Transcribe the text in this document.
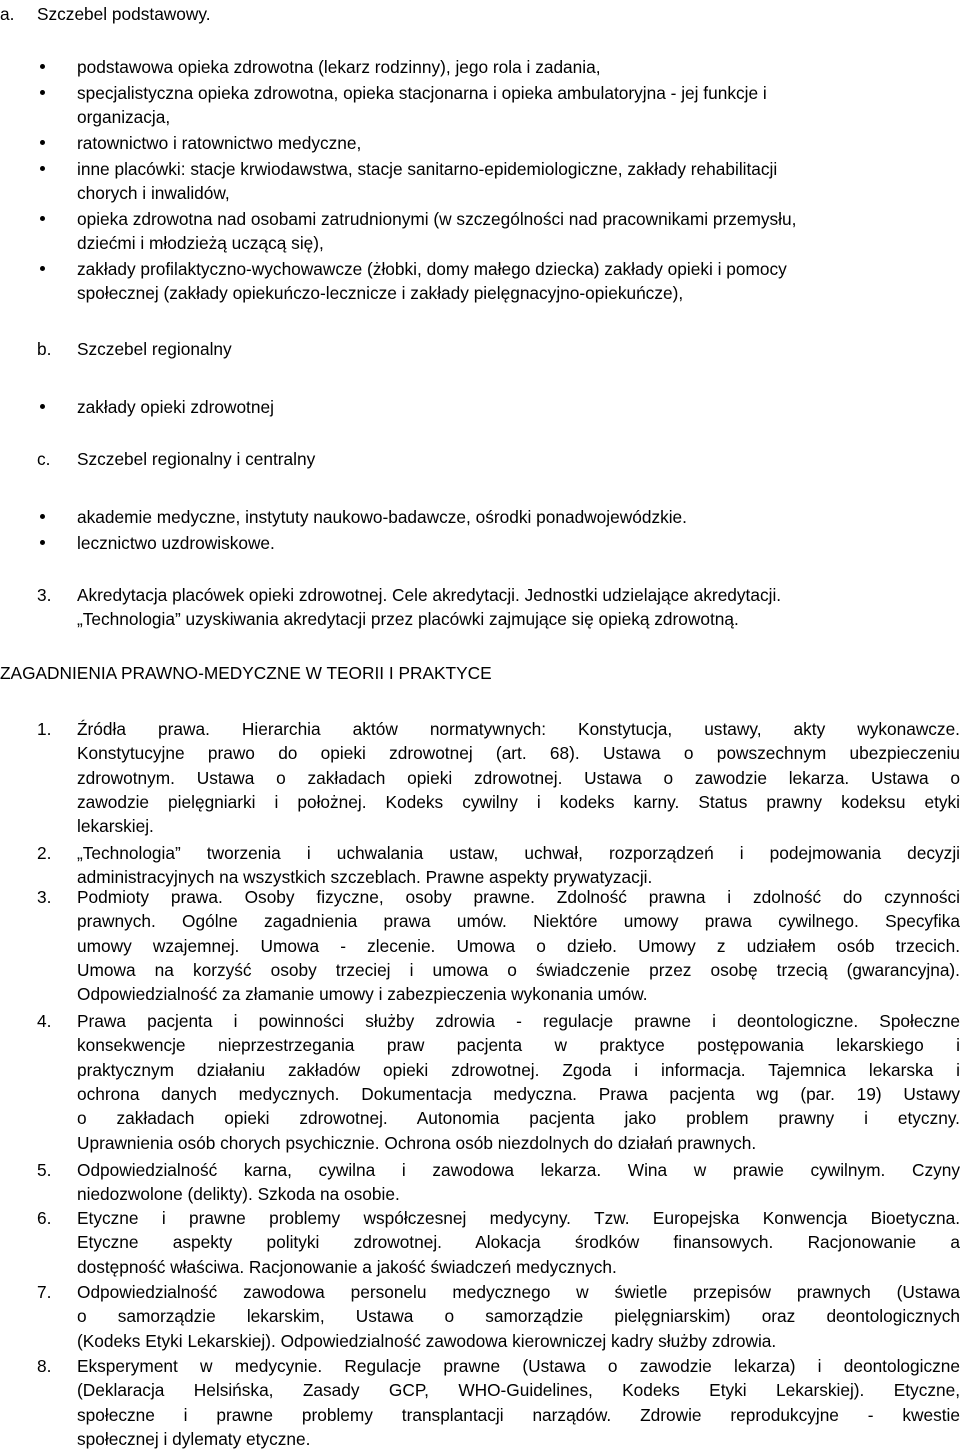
a. Szczebel podstawowy.
podstawowa opieka zdrowotna (lekarz rodzinny), jego rola i zadania,
specjalistyczna opieka zdrowotna, opieka stacjonarna i opieka ambulatoryjna - jej funkcje i
organizacja,
ratownictwo i ratownictwo medyczne,
inne placówki: stacje krwiodawstwa, stacje sanitarno-epidemiologiczne, zakłady rehabilitacji
chorych i inwalidów,
opieka zdrowotna nad osobami zatrudnionymi (w szczególności nad pracownikami przemysłu,
dziećmi i młodzieżą uczącą się),
zakłady profilaktyczno-wychowawcze (żłobki, domy małego dziecka) zakłady opieki i pomocy
społecznej (zakłady opiekuńczo-lecznicze i zakłady pielęgnacyjno-opiekuńcze),
b. Szczebel regionalny
zakłady opieki zdrowotnej
c. Szczebel regionalny i centralny
akademie medyczne, instytuty naukowo-badawcze, ośrodki ponadwojewódzkie.
lecznictwo uzdrowiskowe.
3. Akredytacja placówek opieki zdrowotnej. Cele akredytacji. Jednostki udzielające akredytacji.
„Technologia” uzyskiwania akredytacji przez placówki zajmujące się opieką zdrowotną.
ZAGADNIENIA PRAWNO-MEDYCZNE W TEORII I PRAKTYCE
1. Źródła prawa. Hierarchia aktów normatywnych: Konstytucja, ustawy, akty wykonawcze.
Konstytucyjne prawo do opieki zdrowotnej (art. 68). Ustawa o powszechnym ubezpieczeniu
zdrowotnym. Ustawa o zakładach opieki zdrowotnej. Ustawa o zawodzie lekarza. Ustawa o
zawodzie pielęgniarki i położnej. Kodeks cywilny i kodeks karny. Status prawny kodeksu etyki
lekarskiej.
2. „Technologia” tworzenia i uchwalania ustaw, uchwał, rozporządzeń i podejmowania decyzji
administracyjnych na wszystkich szczeblach. Prawne aspekty prywatyzacji.
3. Podmioty prawa. Osoby fizyczne, osoby prawne. Zdolność prawna i zdolność do czynności
prawnych. Ogólne zagadnienia prawa umów. Niektóre umowy prawa cywilnego. Specyfika
umowy wzajemnej. Umowa - zlecenie. Umowa o dzieło. Umowy z udziałem osób trzecich.
Umowa na korzyść osoby trzeciej i umowa o świadczenie przez osobę trzecią (gwarancyjna).
Odpowiedzialność za złamanie umowy i zabezpieczenia wykonania umów.
4. Prawa pacjenta i powinności służby zdrowia - regulacje prawne i deontologiczne. Społeczne
konsekwencje nieprzestrzegania praw pacjenta w praktyce postępowania lekarskiego i
praktycznym działaniu zakładów opieki zdrowotnej. Zgoda i informacja. Tajemnica lekarska i
ochrona danych medycznych. Dokumentacja medyczna. Prawa pacjenta wg (par. 19) Ustawy
o zakładach opieki zdrowotnej. Autonomia pacjenta jako problem prawny i etyczny.
Uprawnienia osób chorych psychicznie. Ochrona osób niezdolnych do działań prawnych.
5. Odpowiedzialność karna, cywilna i zawodowa lekarza. Wina w prawie cywilnym. Czyny
niedozwolone (delikty). Szkoda na osobie.
6. Etyczne i prawne problemy współczesnej medycyny. Tzw. Europejska Konwencja Bioetyczna.
Etyczne aspekty polityki zdrowotnej. Alokacja środków finansowych. Racjonowanie a
dostępność właściwa. Racjonowanie a jakość świadczeń medycznych.
7. Odpowiedzialność zawodowa personelu medycznego w świetle przepisów prawnych (Ustawa
o samorządzie lekarskim, Ustawa o samorządzie pielęgniarskim) oraz deontologicznych
(Kodeks Etyki Lekarskiej). Odpowiedzialność zawodowa kierowniczej kadry służby zdrowia.
8. Eksperyment w medycynie. Regulacje prawne (Ustawa o zawodzie lekarza) i deontologiczne
(Deklaracja Helsińska, Zasady GCP, WHO-Guidelines, Kodeks Etyki Lekarskiej). Etyczne,
społeczne i prawne problemy transplantacji narządów. Zdrowie reprodukcyjne - kwestie
społecznej i dylematy etyczne.
